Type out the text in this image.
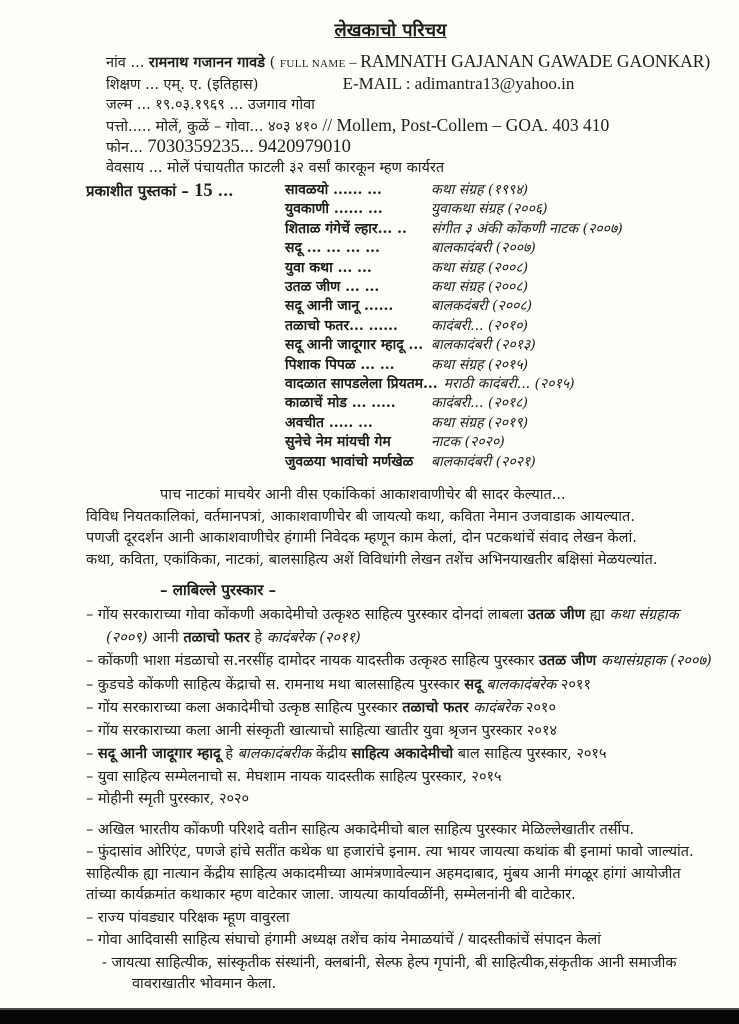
लेखकाचो परिचय
नांव ... रामनाथ गजानन गावडे ( FULL NAME – RAMNATH GAJANAN GAWADE GAONKAR)
शिक्षण ... एम्. ए. (इतिहास)	E-MAIL : adimantra13@yahoo.in
जल्म ... १९.०३.१९६९ ... उजगाव गोवा
पत्तो..... मोलें, कुळें – गोवा... ४०३ ४१० // Mollem, Post-Collem – GOA. 403 410
फोन... 7030359235... 9420979010
वेवसाय ... मोलें पंचायतीत फाटली ३२ वर्सां कारकून म्हण कार्यरत
प्रकाशीत पुस्तकां – 15 ...	सावळयो ...... ...	कथा संग्रह (१९९४)
युवकाणी ...... ...	युवाकथा संग्रह (२००६)
शिताळ गंगेचें ल्हार... ..	संगीत ३ अंकी कोंकणी नाटक (२००७)
सदू ... ... ... ...	बालकादंबरी (२००७)
युवा कथा ... ...	कथा संग्रह (२००८)
उतळ जीण ... ...	कथा संग्रह (२००८)
सदू आनी जानू ......	बालकदंबरी (२००८)
तळाचो फतर... ......	कादंबरी... (२०१०)
सदू आनी जादूगार म्हादू ... बालकादंबरी (२०१३)
पिशाक पिपळ ... ...	कथा संग्रह (२०१५)
वादळात सापडलेला प्रियतम... मराठी कादंबरी... (२०१५)
काळाचें मोड ... .....	कादंबरी... (२०१८)
अवचीत ..... ...	कथा संग्रह (२०१९)
सुनेचे नेम मांयची गेम	नाटक (२०२०)
जुवळया भावांचो मर्णखेळ	बालकादंबरी (२०२१)

पाच नाटकां माचयेर आनी वीस एकांकिकां आकाशवाणीचेर बी सादर केल्यात...

विविध नियतकालिकां, वर्तमानपत्रां, आकाशवाणीचेर बी जायत्यो कथा, कविता नेमान उजवाडाक आयल्यात.

पणजी दूरदर्शन आनी आकाशवाणीचेर हंगामी निवेदक म्हणून काम केलां, दोन पटकथांचें संवाद लेखन केलां.

कथा, कविता, एकांकिका, नाटकां, बालसाहित्य अशें विविधांगी लेखन तशेंच अभिनयाखतीर बक्षिसां मेळयल्यांत.

– लाबिल्ले पुरस्कार –
– गोंय सरकाराच्या गोवा कोंकणी अकादेमीचो उत्कृश्ठ साहित्य पुरस्कार दोनदां लाबला उतळ जीण ह्या कथा संग्रहाक (२००९) आनी तळाचो फतर हे कादंबरेक (२०११)
– कोंकणी भाशा मंडळाचो स.नरसींह दामोदर नायक यादस्तीक उत्कृश्ठ साहित्य पुरस्कार उतळ जीण कथासंग्रहाक (२००७)
– कुडचडे कोंकणी साहित्य केंद्राचो स. रामनाथ मथा बालसाहित्य पुरस्कार सदू बालकादंबरेक २०११
– गोंय सरकाराच्या कला अकादेमीचो उत्कृष्ठ साहित्य पुरस्कार तळाचो फतर कादंबरेक २०१०
– गोंय सरकाराच्या कला आनी संस्कृती खात्याचो साहित्या खातीर युवा श्रृजन पुरस्कार २०१४
– सदू आनी जादूगार म्हादू हे बालकादंबरीक केंद्रीय साहित्य अकादेमीचो बाल साहित्य पुरस्कार, २०१५
– युवा साहित्य सम्मेलनाचो स. मेघशाम नायक यादस्तीक साहित्य पुरस्कार, २०१५
– मोहीनी स्मृती पुरस्कार, २०२०
– अखिल भारतीय कोंकणी परिशदे वतीन साहित्य अकादेमीचो बाल साहित्य पुरस्कार मेळिल्लेखातीर तर्सीप.
– फुंदासांव ओरिएंट, पणजे हांचे सतींत कथेक धा हजारांचे इनाम. त्या भायर जायत्या कथांक बी इनामां फावो जाल्यांत. साहित्यीक ह्या नात्यान केंद्रीय साहित्य अकादमीच्या आमंत्रणावेल्यान अहमदाबाद, मुंबय आनी मंगळूर हांगां आयोजीत तांच्या कार्यक्रमांत कथाकार म्हण वाटेकार जाला. जायत्या कार्यावळींनी, सम्मेलनांनी बी वाटेकार.
– राज्य पांवड्यार परिक्षक म्हूण वावुरला
– गोवा आदिवासी साहित्य संघाचो हंगामी अध्यक्ष तशेंच कांय नेमाळयांचें / यादस्तीकांचें संपादन केलां
- जायत्या साहित्यीक, सांस्कृतीक संस्थांनी, क्लबांनी, सेल्फ हेल्प गृपांनी, बी साहित्यीक,संकृतीक आनी समाजीक वावराखातीर भोवमान केला.
